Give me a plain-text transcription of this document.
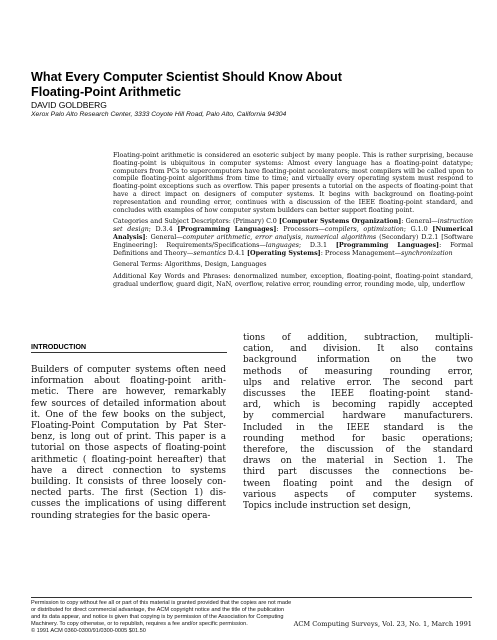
What Every Computer Scientist Should Know About
Floating-Point Arithmetic
DAVID GOLDBERG
Xerox Palo Alto Research Center, 3333 Coyote Hill Road, Palo Alto, California 94304

Floating-point arithmetic is considered an esoteric subject by many people. This is rather surprising, because floating-point is ubiquitous in computer systems: Almost every language has a floating-point datatype; computers from PCs to supercomputers have floating-point accelerators; most compilers will be called upon to compile floating-point algorithms from time to time; and virtually every operating system must respond to floating-point exceptions such as overflow. This paper presents a tutorial on the aspects of floating-point that have a direct impact on designers of computer systems. It begins with background on floating-point representation and rounding error, continues with a discussion of the IEEE floating-point standard, and concludes with examples of how computer system builders can better support floating point.

Categories and Subject Descriptors: (Primary) C.0 [Computer Systems Organization]: General—instruction set design; D.3.4 [Programming Languages]: Processors—compilers, optimization; G.1.0 [Numerical Analysis]: General—computer arithmetic, error analysis, numerical algorithms (Secondary) D.2.1 [Software Engineering]: Requirements/Specifications—languages; D.3.1 [Programming Languages]: Formal Definitions and Theory—semantics D.4.1 [Operating Systems]: Process Management—synchronization

General Terms: Algorithms, Design, Languages

Additional Key Words and Phrases: denormalized number, exception, floating-point, floating-point standard, gradual underflow, guard digit, NaN, overflow, relative error, rounding error, rounding mode, ulp, underflow

INTRODUCTION
Builders of computer systems often need
information about floating-point arith-
metic. There are however, remarkably
few sources of detailed information about
it. One of the few books on the subject,
Floating-Point Computation by Pat Ster-
benz, is long out of print. This paper is a
tutorial on those aspects of floating-point
arithmetic ( floating-point hereafter) that
have a direct connection to systems
building. It consists of three loosely con-
nected parts. The first (Section 1) dis-
cusses the implications of using different
rounding strategies for the basic opera-
tions of addition, subtraction, multipli-
cation, and division. It also contains
background information on the two
methods of measuring rounding error,
ulps and relative error. The second part
discusses the IEEE floating-point stand-
ard, which is becoming rapidly accepted
by commercial hardware manufacturers.
Included in the IEEE standard is the
rounding method for basic operations;
therefore, the discussion of the standard
draws on the material in Section 1. The
third part discusses the connections be-
tween floating point and the design of
various aspects of computer systems.
Topics include instruction set design,
Permission to copy without fee all or part of this material is granted provided that the copies are not made
or distributed for direct commercial advantage, the ACM copyright notice and the title of the publication
and its data appear, and notice is given that copying is by permission of the Association for Computing
Machinery. To copy otherwise, or to republish, requires a fee and/or specific permission.
© 1991 ACM 0360-0300/91/0300-0005 $01.50
ACM Computing Surveys, Vol. 23, No. 1, March 1991
